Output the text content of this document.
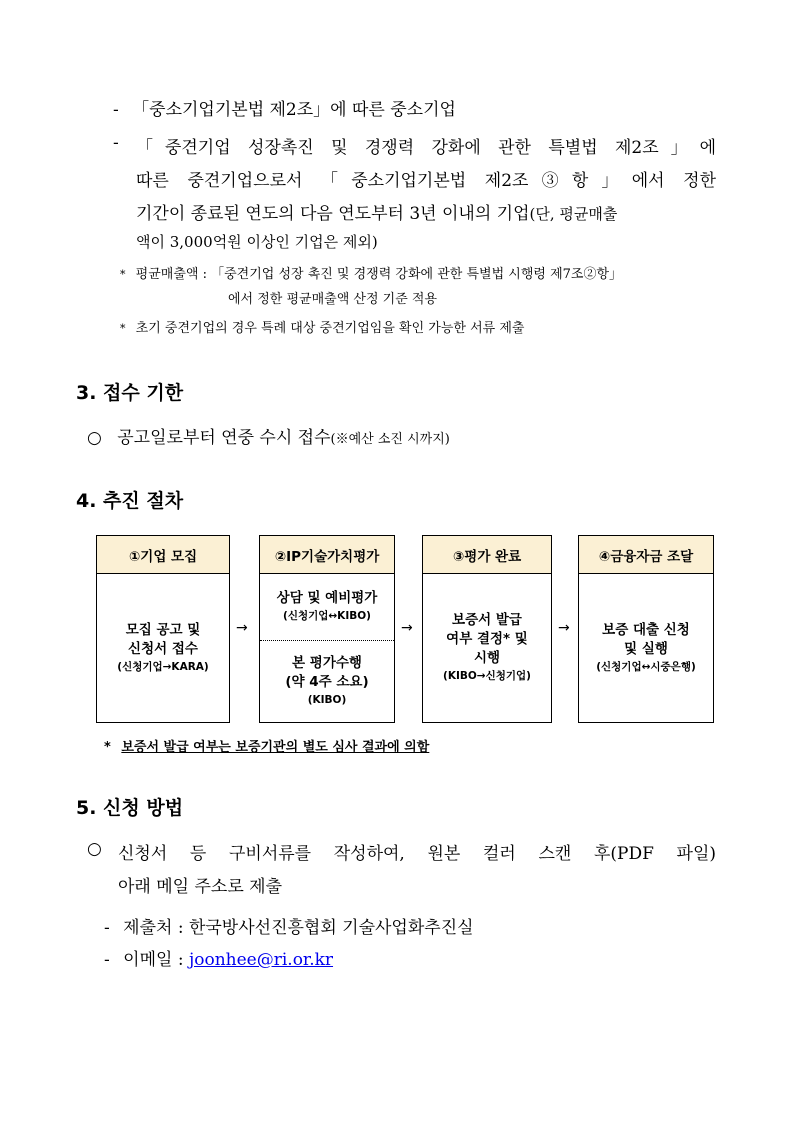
- 「중소기업기본법 제2조」에 따른 중소기업
- 「중견기업 성장촉진 및 경쟁력 강화에 관한 특별법 제2조」에
따른 중견기업으로서 「중소기업기본법 제2조③항」에서 정한
기간이 종료된 연도의 다음 연도부터 3년 이내의 기업(단, 평균매출
액이 3,000억원 이상인 기업은 제외)
* 평균매출액 : 「중견기업 성장 촉진 및 경쟁력 강화에 관한 특별법 시행령 제7조②항」
에서 정한 평균매출액 산정 기준 적용
* 초기 중견기업의 경우 특례 대상 중견기업임을 확인 가능한 서류 제출
3. 접수 기한
○ 공고일로부터 연중 수시 접수(※예산 소진 시까지)
4. 추진 절차
①기업 모집
모집 공고 및
신청서 접수
(신청기업→KARA)
→
②IP기술가치평가
상담 및 예비평가
(신청기업↔KIBO)
본 평가수행
(약 4주 소요)
(KIBO)
→
③평가 완료
보증서 발급
여부 결정* 및
시행
(KIBO→신청기업)
→
④금융자금 조달
보증 대출 신청
및 실행
(신청기업↔시중은행)
* 보증서 발급 여부는 보증기관의 별도 심사 결과에 의함
5. 신청 방법
○ 신청서 등 구비서류를 작성하여, 원본 컬러 스캔 후(PDF 파일)
아래 메일 주소로 제출
- 제출처 : 한국방사선진흥협회 기술사업화추진실
- 이메일 : joonhee@ri.or.kr
